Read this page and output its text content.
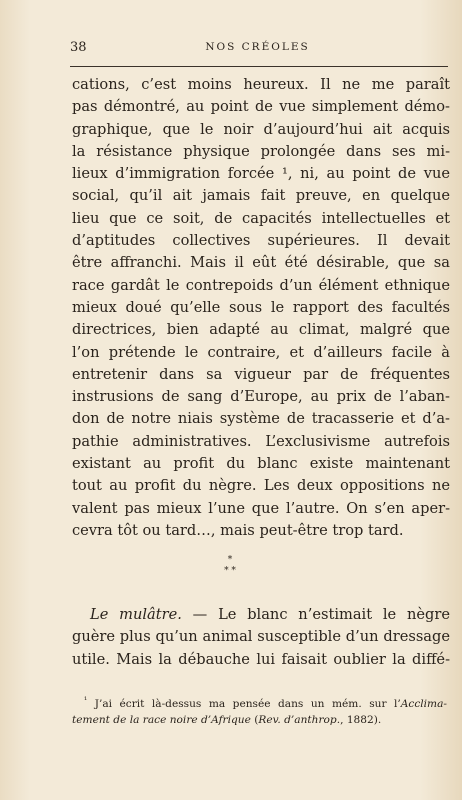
38	NOS CRÉOLES
cations, c’est moins heureux. Il ne me paraît
pas démontré, au point de vue simplement démo-
graphique, que le noir d’aujourd’hui ait acquis
la résistance physique prolongée dans ses mi-
lieux d’immigration forcée ¹, ni, au point de vue
social, qu’il ait jamais fait preuve, en quelque
lieu que ce soit, de capacités intellectuelles et
d’aptitudes collectives supérieures. Il devait
être affranchi. Mais il eût été désirable, que sa
race gardât le contrepoids d’un élément ethnique
mieux doué qu’elle sous le rapport des facultés
directrices, bien adapté au climat, malgré que
l’on prétende le contraire, et d’ailleurs facile à
entretenir dans sa vigueur par de fréquentes
instrusions de sang d’Europe, au prix de l’aban-
don de notre niais système de tracasserie et d’a-
pathie administratives. L’exclusivisme autrefois
existant au profit du blanc existe maintenant
tout au profit du nègre. Les deux oppositions ne
valent pas mieux l’une que l’autre. On s’en aper-
cevra tôt ou tard…, mais peut-être trop tard.
*
* *
Le mulâtre. — Le blanc n’estimait le nègre
guère plus qu’un animal susceptible d’un dressage
utile. Mais la débauche lui faisait oublier la diffé-
$^{^1}$ J’ai écrit là-dessus ma pensée dans un mém. sur l’Acclima-
tement de la race noire d’Afrique (Rev. d’anthrop., 1882).
